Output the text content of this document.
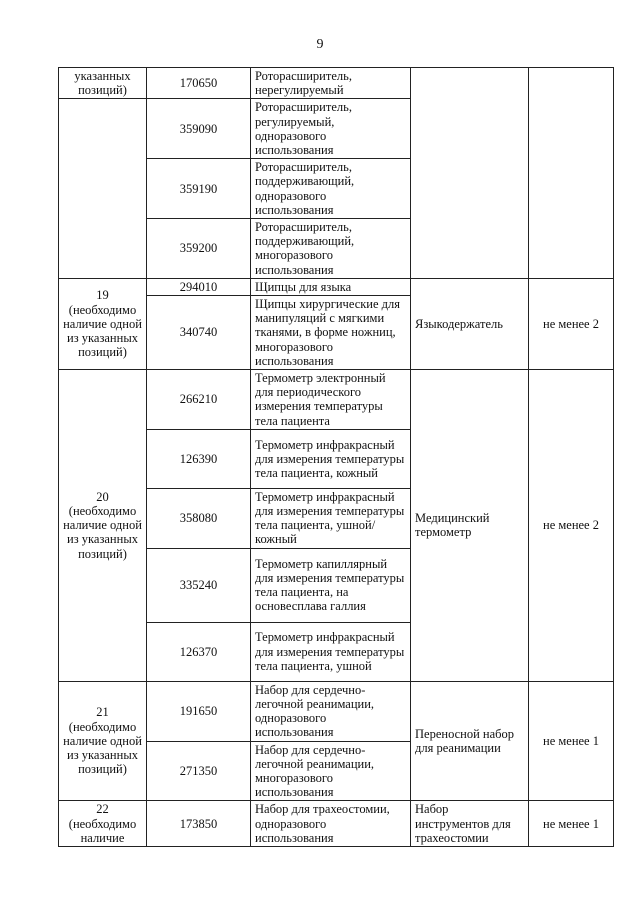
9
указанных позиций)	170650	Роторасширитель, нерегулируемый		
	359090	Роторасширитель, регулируемый, одноразового использования		
	359190	Роторасширитель, поддерживающий, одноразового использования		
	359200	Роторасширитель, поддерживающий, многоразового использования		
19 (необходимо наличие одной из указанных позиций)	294010	Щипцы для языка	Языкодержатель	не менее 2
	340740	Щипцы хирургические для манипуляций с мягкими тканями, в форме ножниц, многоразового использования		
20 (необходимо наличие одной из указанных позиций)	266210	Термометр электронный для периодического измерения температуры тела пациента	Медицинский термометр	не менее 2
	126390	Термометр инфракрасный для измерения температуры тела пациента, кожный		
	358080	Термометр инфракрасный для измерения температуры тела пациента, ушной/кожный		
	335240	Термометр капиллярный для измерения температуры тела пациента, на основесплава галлия		
	126370	Термометр инфракрасный для измерения температуры тела пациента, ушной		
21 (необходимо наличие одной из указанных позиций)	191650	Набор для сердечно-легочной реанимации, одноразового использования	Переносной набор для реанимации	не менее 1
	271350	Набор для сердечно-легочной реанимации, многоразового использования		
22 (необходимо наличие	173850	Набор для трахеостомии, одноразового использования	Набор инструментов для трахеостомии	не менее 1
